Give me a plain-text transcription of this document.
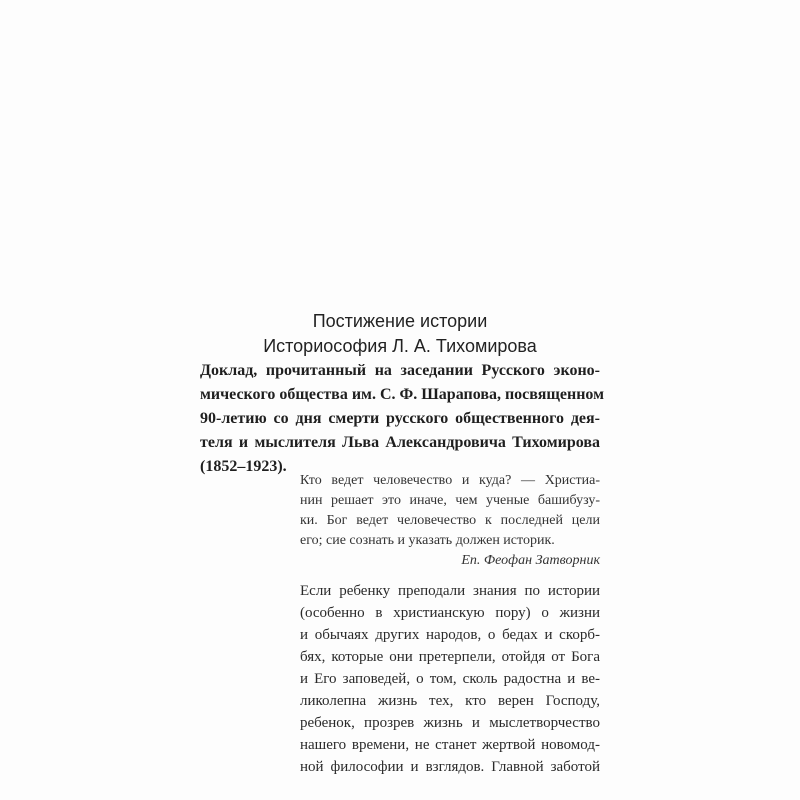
Постижение истории
Историософия Л. А. Тихомирова
Доклад, прочитанный на заседании Русского эконо-
мического общества им. С. Ф. Шарапова, посвященном
90-летию со дня смерти русского общественного дея-
теля и мыслителя Льва Александровича Тихомирова
(1852–1923).
Кто ведет человечество и куда? — Христиа-
нин решает это иначе, чем ученые башибузу-
ки. Бог ведет человечество к последней цели
его; сие сознать и указать должен историк.
Еп. Феофан Затворник
Если ребенку преподали знания по истории
(особенно в христианскую пору) о жизни
и обычаях других народов, о бедах и скорб-
бях, которые они претерпели, отойдя от Бога
и Его заповедей, о том, сколь радостна и ве-
ликолепна жизнь тех, кто верен Господу,
ребенок, прозрев жизнь и мыслетворчество
нашего времени, не станет жертвой новомод-
ной философии и взглядов. Главной заботой
